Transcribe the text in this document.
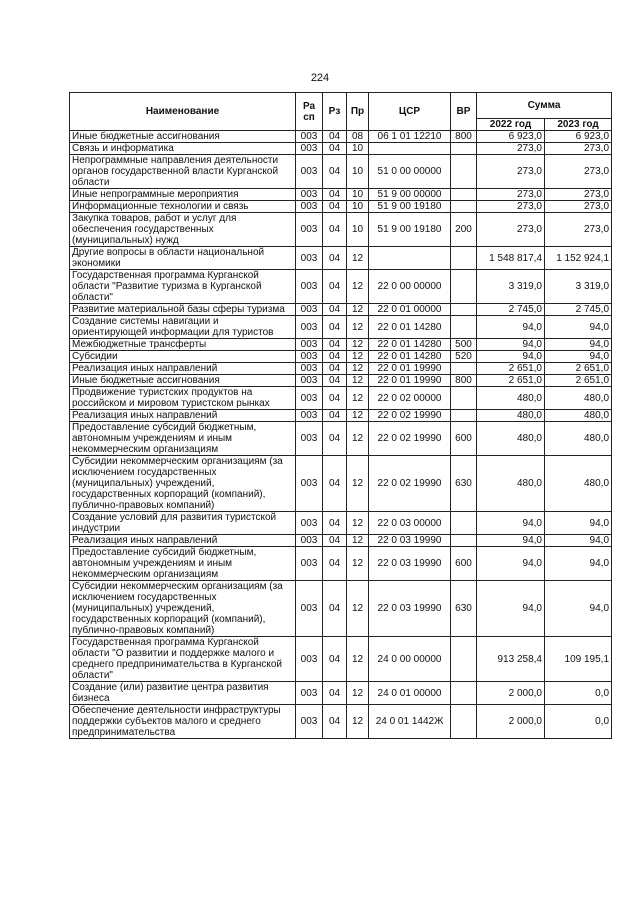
224
Наименование	Ра сп	Рз	Пр	ЦСР	ВР	Сумма	
						2022 год	2023 год
Иные бюджетные ассигнования	003	04	08	06 1 01 12210	800	6 923,0	6 923,0
Связь и информатика	003	04	10			273,0	273,0
Непрограммные направления деятельности органов государственной власти Курганской области	003	04	10	51 0 00 00000		273,0	273,0
Иные непрограммные мероприятия	003	04	10	51 9 00 00000		273,0	273,0
Информационные технологии и связь	003	04	10	51 9 00 19180		273,0	273,0
Закупка товаров, работ и услуг для обеспечения государственных (муниципальных) нужд	003	04	10	51 9 00 19180	200	273,0	273,0
Другие вопросы в области национальной экономики	003	04	12			1 548 817,4	1 152 924,1
Государственная программа Курганской области "Развитие туризма в Курганской области"	003	04	12	22 0 00 00000		3 319,0	3 319,0
Развитие материальной базы сферы туризма	003	04	12	22 0 01 00000		2 745,0	2 745,0
Создание системы навигации и ориентирующей информации для туристов	003	04	12	22 0 01 14280		94,0	94,0
Межбюджетные трансферты	003	04	12	22 0 01 14280	500	94,0	94,0
Субсидии	003	04	12	22 0 01 14280	520	94,0	94,0
Реализация иных направлений	003	04	12	22 0 01 19990		2 651,0	2 651,0
Иные бюджетные ассигнования	003	04	12	22 0 01 19990	800	2 651,0	2 651,0
Продвижение туристских продуктов на российском и мировом туристском рынках	003	04	12	22 0 02 00000		480,0	480,0
Реализация иных направлений	003	04	12	22 0 02 19990		480,0	480,0
Предоставление субсидий бюджетным, автономным учреждениям и иным некоммерческим организациям	003	04	12	22 0 02 19990	600	480,0	480,0
Субсидии некоммерческим организациям (за исключением государственных (муниципальных) учреждений, государственных корпораций (компаний), публично-правовых компаний)	003	04	12	22 0 02 19990	630	480,0	480,0
Создание условий для развития туристской индустрии	003	04	12	22 0 03 00000		94,0	94,0
Реализация иных направлений	003	04	12	22 0 03 19990		94,0	94,0
Предоставление субсидий бюджетным, автономным учреждениям и иным некоммерческим организациям	003	04	12	22 0 03 19990	600	94,0	94,0
Субсидии некоммерческим организациям (за исключением государственных (муниципальных) учреждений, государственных корпораций (компаний), публично-правовых компаний)	003	04	12	22 0 03 19990	630	94,0	94,0
Государственная программа Курганской области "О развитии и поддержке малого и среднего предпринимательства в Курганской области"	003	04	12	24 0 00 00000		913 258,4	109 195,1
Создание (или) развитие центра развития бизнеса	003	04	12	24 0 01 00000		2 000,0	0,0
Обеспечение деятельности инфраструктуры поддержки субъектов малого и среднего предпринимательства	003	04	12	24 0 01 1442Ж		2 000,0	0,0
